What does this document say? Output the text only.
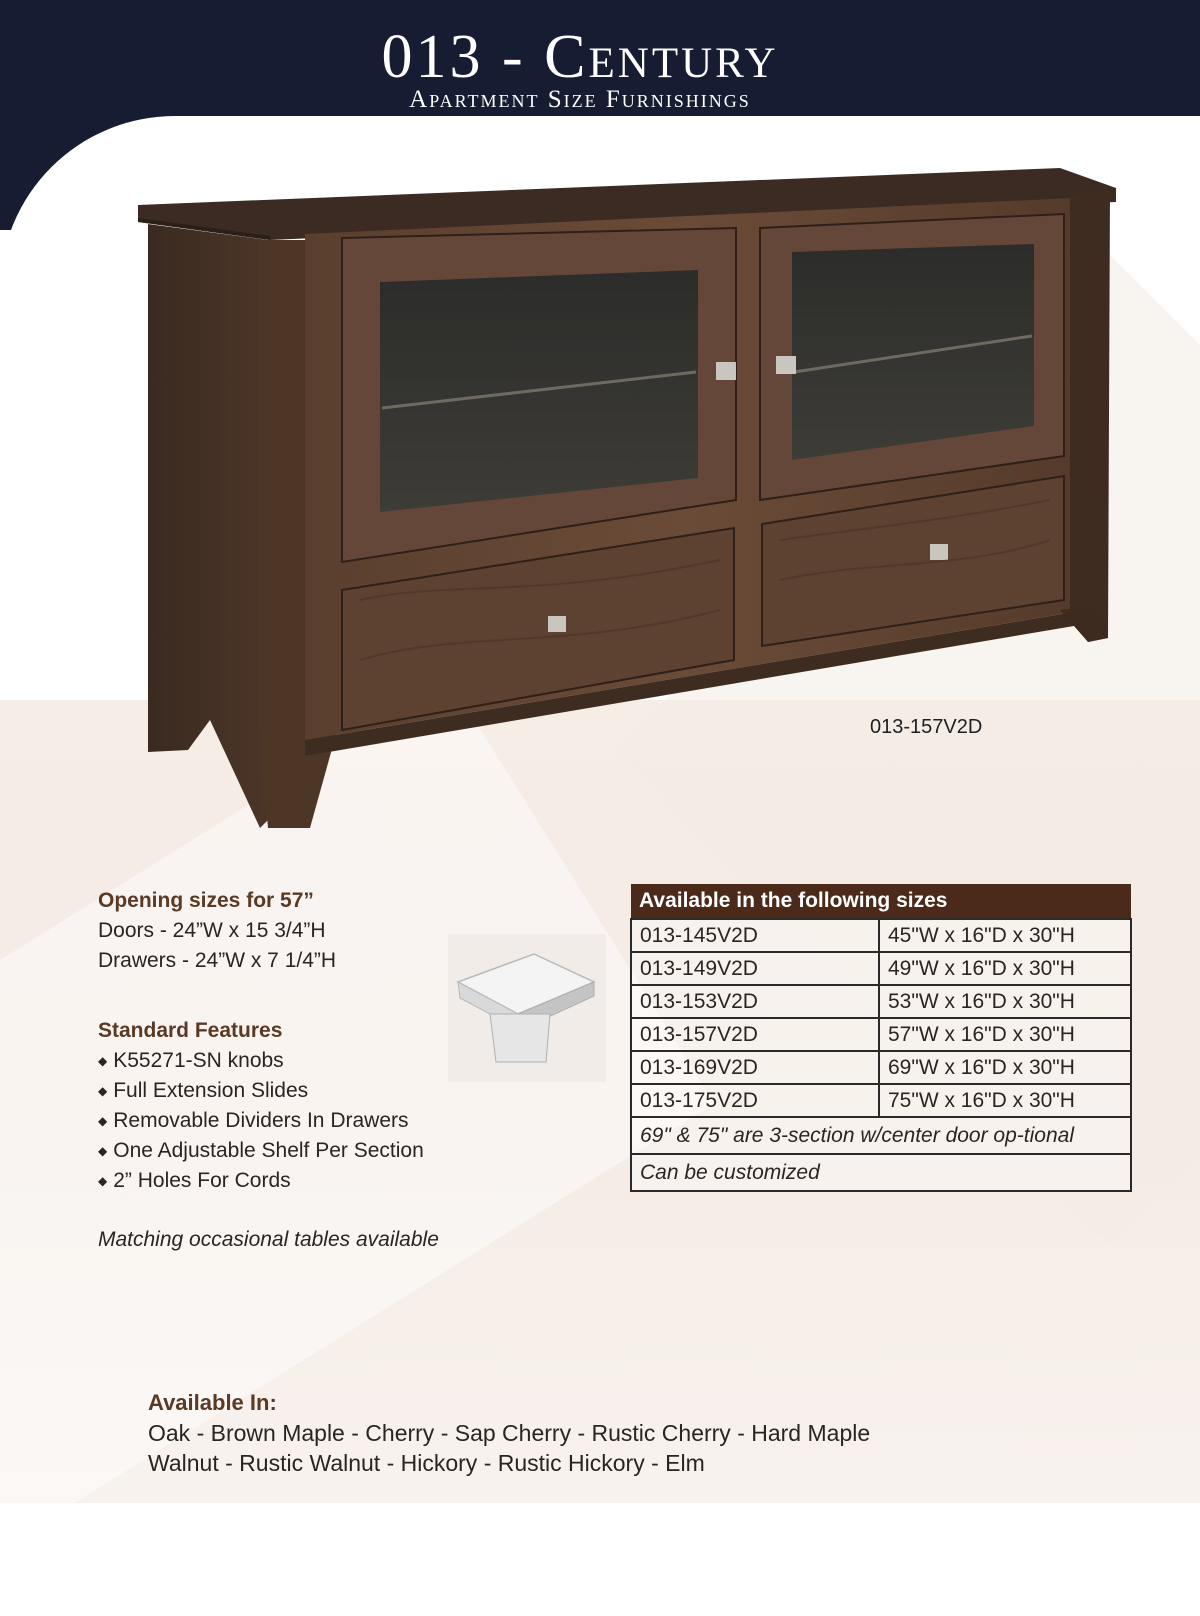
013 - Century
Apartment Size Furnishings
013-157V2D
Opening sizes for 57”
Doors - 24”W x 15 3/4”H
Drawers - 24”W x 7 1/4”H
Standard Features
◆ K55271-SN knobs
◆ Full Extension Slides
◆ Removable Dividers In Drawers
◆ One Adjustable Shelf Per Section
◆ 2” Holes For Cords
Matching occasional tables available
Available in the following sizes	
013-145V2D	45"W x 16"D x 30"H
013-149V2D	49"W x 16"D x 30"H
013-153V2D	53"W x 16"D x 30"H
013-157V2D	57"W x 16"D x 30"H
013-169V2D	69"W x 16"D x 30"H
013-175V2D	75"W x 16"D x 30"H
69" & 75" are 3-section w/center door op-tional	
Can be customized	
Available In:
Oak - Brown Maple - Cherry - Sap Cherry - Rustic Cherry - Hard Maple
Walnut - Rustic Walnut - Hickory - Rustic Hickory - Elm
